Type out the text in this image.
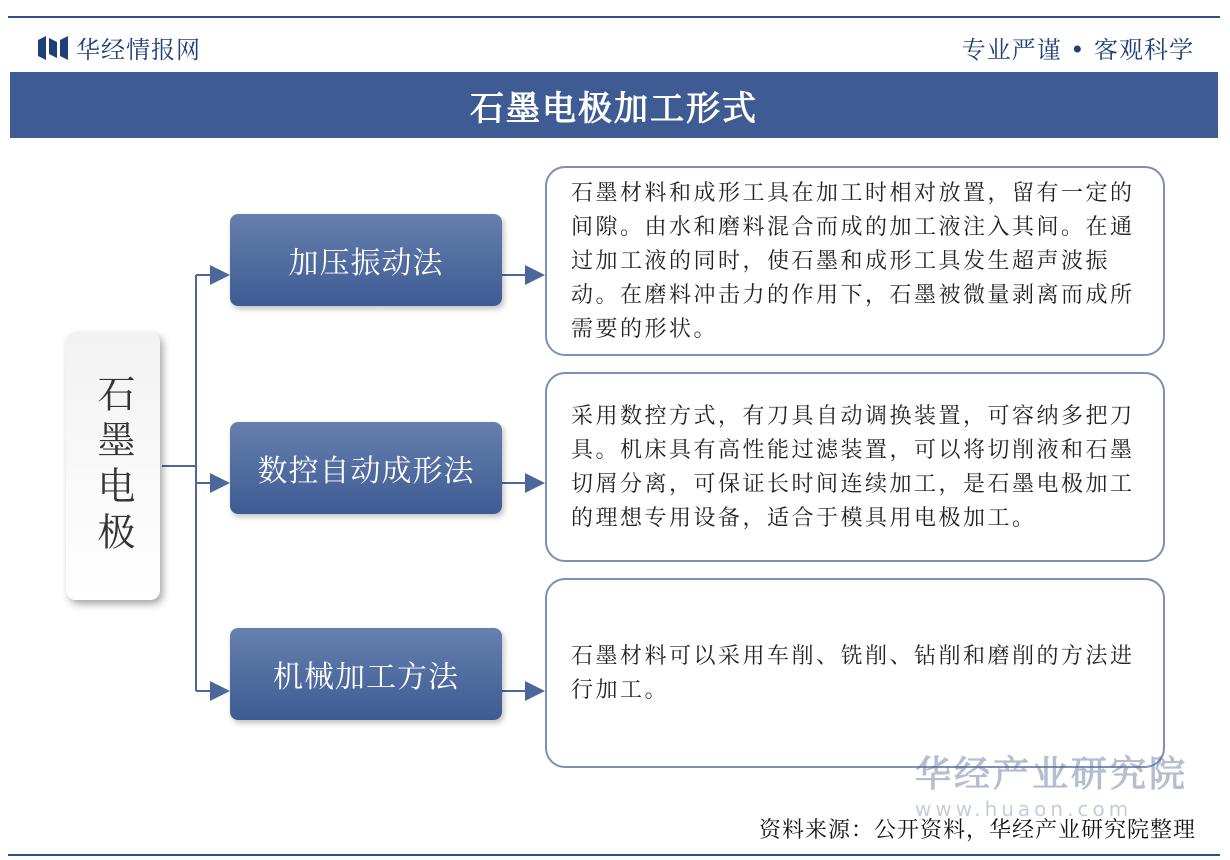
华经情报网	专业严谨 • 客观科学
石墨电极加工形式
石墨电极
加压振动法
数控自动成形法
机械加工方法
石墨材料和成形工具在加工时相对放置，留有一定的间隙。由水和磨料混合而成的加工液注入其间。在通过加工液的同时，使石墨和成形工具发生超声波振动。在磨料冲击力的作用下，石墨被微量剥离而成所需要的形状。
采用数控方式，有刀具自动调换装置，可容纳多把刀具。机床具有高性能过滤装置，可以将切削液和石墨切屑分离，可保证长时间连续加工，是石墨电极加工的理想专用设备，适合于模具用电极加工。
石墨材料可以采用车削、铣削、钻削和磨削的方法进行加工。
华经产业研究院
www.huaon.com
资料来源：公开资料，华经产业研究院整理
